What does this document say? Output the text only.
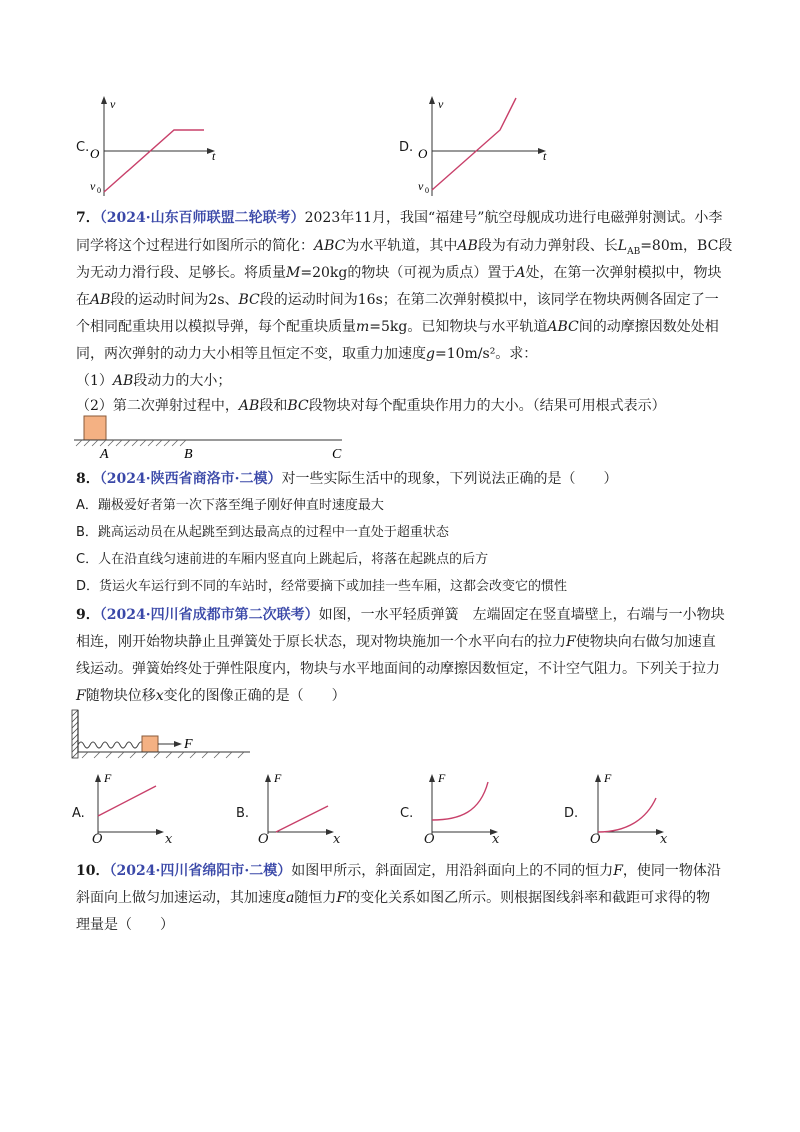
C.
v
t
O
v 0
D.
v
t
O
v 0
7．（2024·山东百师联盟二轮联考）2023年11月，我国“福建号”航空母舰成功进行电磁弹射测试。小李
同学将这个过程进行如图所示的简化：ABC为水平轨道，其中AB段为有动力弹射段、长$L_{AB}=80m$，BC段
为无动力滑行段、足够长。将质量M=20kg的物块（可视为质点）置于A处，在第一次弹射模拟中，物块
在AB段的运动时间为2s、BC段的运动时间为16s；在第二次弹射模拟中，该同学在物块两侧各固定了一
个相同配重块用以模拟导弹，每个配重块质量m=5kg。已知物块与水平轨道ABC间的动摩擦因数处处相
同，两次弹射的动力大小相等且恒定不变，取重力加速度g=10m/s²。求：
（1）AB段动力的大小；
（2）第二次弹射过程中，AB段和BC段物块对每个配重块作用力的大小。（结果可用根式表示）
A	B	C
8．（2024·陕西省商洛市·二模）对一些实际生活中的现象，下列说法正确的是（　　）
A．蹦极爱好者第一次下落至绳子刚好伸直时速度最大
B．跳高运动员在从起跳至到达最高点的过程中一直处于超重状态
C．人在沿直线匀速前进的车厢内竖直向上跳起后，将落在起跳点的后方
D．货运火车运行到不同的车站时，经常要摘下或加挂一些车厢，这都会改变它的惯性
9．（2024·四川省成都市第二次联考）如图，一水平轻质弹簧　左端固定在竖直墙壁上，右端与一小物块
相连，刚开始物块静止且弹簧处于原长状态，现对物块施加一个水平向右的拉力F使物块向右做匀加速直
线运动。弹簧始终处于弹性限度内，物块与水平地面间的动摩擦因数恒定，不计空气阻力。下列关于拉力
F随物块位移x变化的图像正确的是（　　）
F
A.
F
O	x
B.
F
O	x
C.
F
O	x
D.
F
O	x
10．（2024·四川省绵阳市·二模）如图甲所示，斜面固定，用沿斜面向上的不同的恒力F，使同一物体沿
斜面向上做匀加速运动，其加速度a随恒力F的变化关系如图乙所示。则根据图线斜率和截距可求得的物
理量是（　　）
